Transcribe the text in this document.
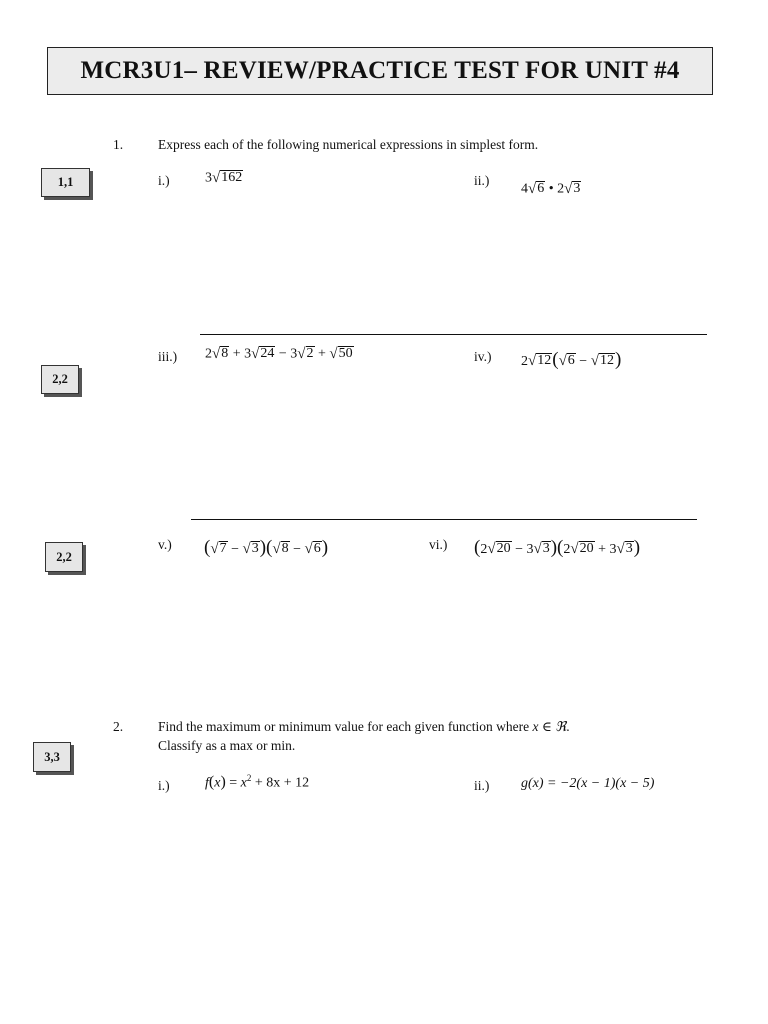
MCR3U1– REVIEW/PRACTICE TEST FOR UNIT #4
1,1
2,2
2,2
3,3
1.	Express each of the following numerical expressions in simplest form.
i.)	3 √ 162	ii.)
4 √ 6 • 2 √ 3
iii.) 2 √ 8 + 3 √ 24 − 3 √ 2 + √ 50	iv.) 2 √ 12 ( √ 6 − √ 12 )
v.) ( √ 7 − √ 3 )( √ 8 − √ 6 )	vi.) (2 √ 20 − 3 √ 3 )(2 √ 20 + 3 √ 3 )
2.	Find the maximum or minimum value for each given function where x ∈ ℜ.
Classify as a max or min.
i.)	$f(x) = x^2 + 8x + 12$	ii.) g(x) = −2(x − 1)(x − 5)
